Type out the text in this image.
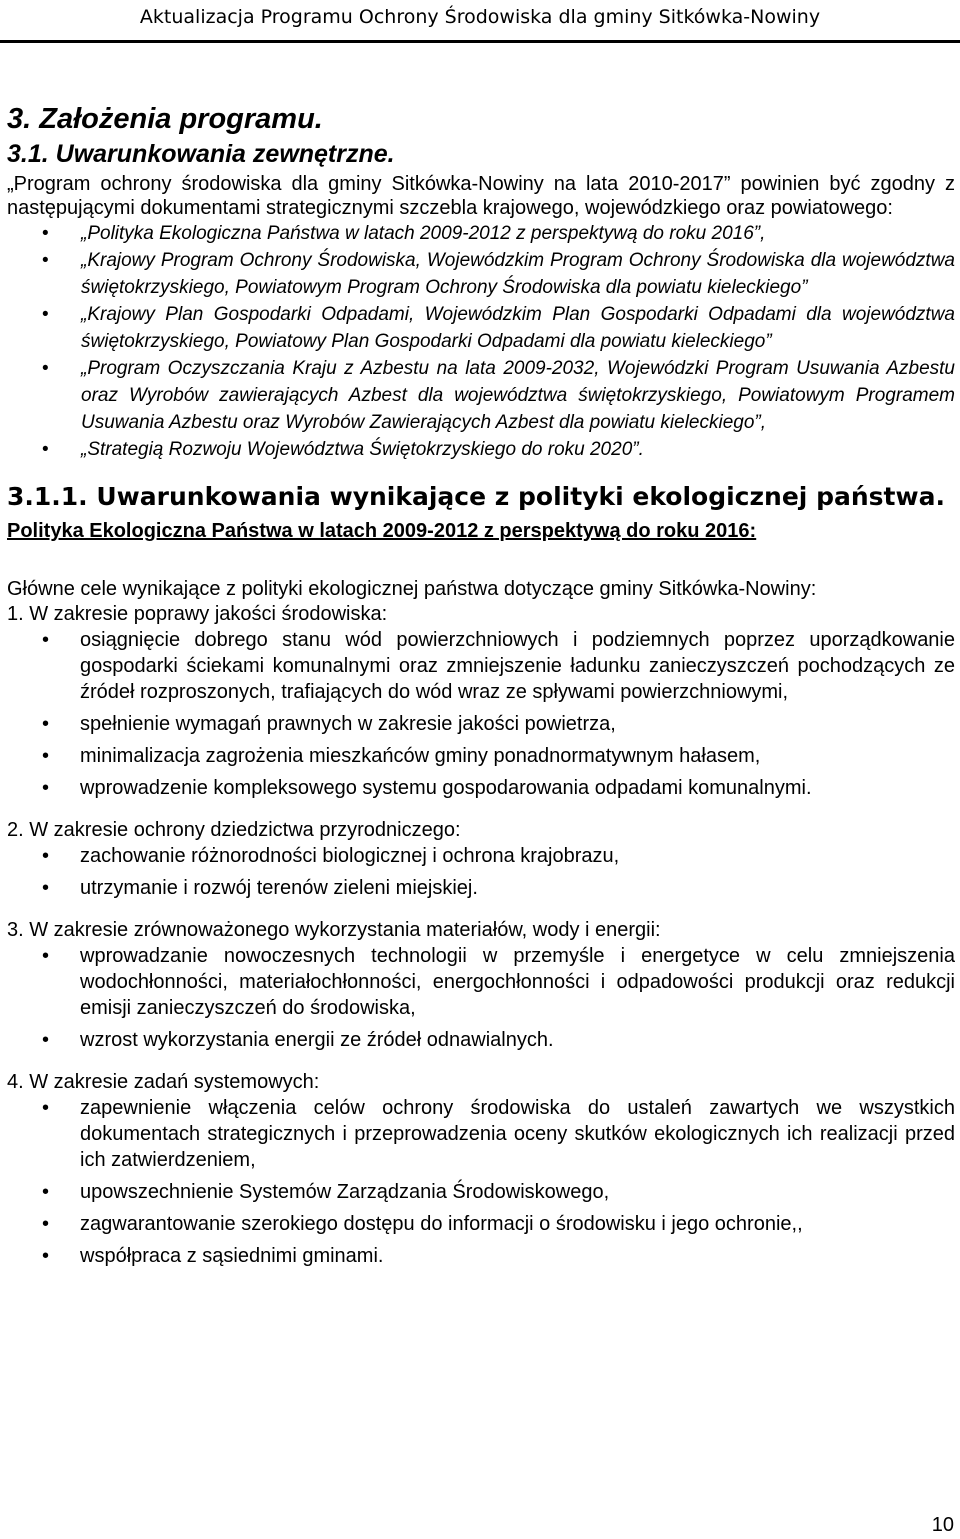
Aktualizacja Programu Ochrony Środowiska dla gminy Sitkówka-Nowiny
3. Założenia programu.
3.1. Uwarunkowania zewnętrzne.

„Program ochrony środowiska dla gminy Sitkówka-Nowiny na lata 2010-2017” powinien być zgodny z następującymi dokumentami strategicznymi szczebla krajowego, wojewódzkiego oraz powiatowego:

• „Polityka Ekologiczna Państwa w latach 2009-2012 z perspektywą do roku 2016”,
• „Krajowy Program Ochrony Środowiska, Wojewódzkim Program Ochrony Środowiska dla województwa świętokrzyskiego, Powiatowym Program Ochrony Środowiska dla powiatu kieleckiego”
• „Krajowy Plan Gospodarki Odpadami, Wojewódzkim Plan Gospodarki Odpadami dla województwa świętokrzyskiego, Powiatowy Plan Gospodarki Odpadami dla powiatu kieleckiego”
• „Program Oczyszczania Kraju z Azbestu na lata 2009-2032, Wojewódzki Program Usuwania Azbestu oraz Wyrobów zawierających Azbest dla województwa świętokrzyskiego, Powiatowym Programem Usuwania Azbestu oraz Wyrobów Zawierających Azbest dla powiatu kieleckiego”,
• „Strategią Rozwoju Województwa Świętokrzyskiego do roku 2020”.
3.1.1. Uwarunkowania wynikające z polityki ekologicznej państwa.

Polityka Ekologiczna Państwa w latach 2009-2012 z perspektywą do roku 2016:

Główne cele wynikające z polityki ekologicznej państwa dotyczące gminy Sitkówka-Nowiny:

1. W zakresie poprawy jakości środowiska:

• osiągnięcie dobrego stanu wód powierzchniowych i podziemnych poprzez uporządkowanie gospodarki ściekami komunalnymi oraz zmniejszenie ładunku zanieczyszczeń pochodzących ze źródeł rozproszonych, trafiających do wód wraz ze spływami powierzchniowymi,
• spełnienie wymagań prawnych w zakresie jakości powietrza,
• minimalizacja zagrożenia mieszkańców gminy ponadnormatywnym hałasem,
• wprowadzenie kompleksowego systemu gospodarowania odpadami komunalnymi.

2. W zakresie ochrony dziedzictwa przyrodniczego:

• zachowanie różnorodności biologicznej i ochrona krajobrazu,
• utrzymanie i rozwój terenów zieleni miejskiej.

3. W zakresie zrównoważonego wykorzystania materiałów, wody i energii:

• wprowadzanie nowoczesnych technologii w przemyśle i energetyce w celu zmniejszenia wodochłonności, materiałochłonności, energochłonności i odpadowości produkcji oraz redukcji emisji zanieczyszczeń do środowiska,
• wzrost wykorzystania energii ze źródeł odnawialnych.

4. W zakresie zadań systemowych:

• zapewnienie włączenia celów ochrony środowiska do ustaleń zawartych we wszystkich dokumentach strategicznych i przeprowadzenia oceny skutków ekologicznych ich realizacji przed ich zatwierdzeniem,
• upowszechnienie Systemów Zarządzania Środowiskowego,
• zagwarantowanie szerokiego dostępu do informacji o środowisku i jego ochronie,,
• współpraca z sąsiednimi gminami.
10
